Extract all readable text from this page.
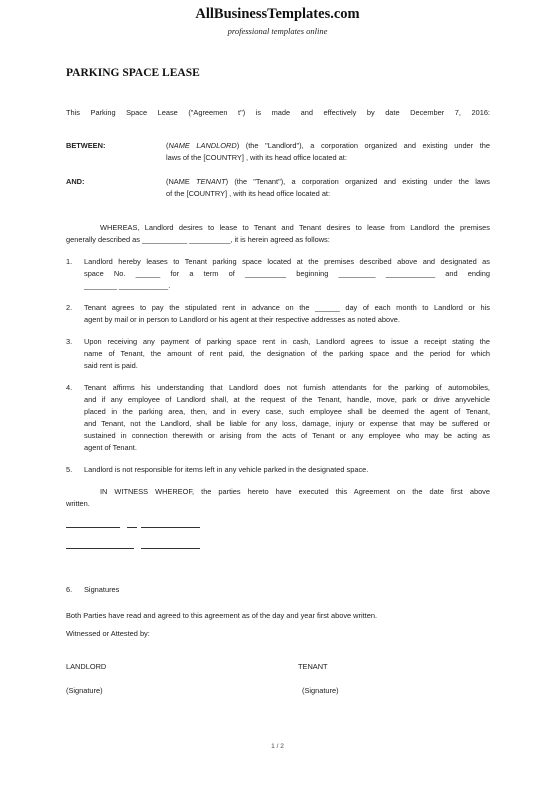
AllBusinessTemplates.com
professional templates online
PARKING SPACE LEASE
This Parking Space Lease ("Agreemen t") is made and effectively by date December 7, 2016:
BETWEEN:	(NAME LANDLORD) (the "Landlord"), a corporation organized and existing under the
laws of the [COUNTRY] , with its head office located at:
AND:	(NAME TENANT) (the "Tenant"), a corporation organized and existing under the laws
of the [COUNTRY] , with its head office located at:
WHEREAS, Landlord desires to lease to Tenant and Tenant desires to lease from Landlord the premises
generally described as ___________ __________, it is herein agreed as follows:
1. Landlord hereby leases to Tenant parking space located at the premises described above and designated as
space No. ______ for a term of __________ beginning _________ ____________ and ending
________ ____________.
2. Tenant agrees to pay the stipulated rent in advance on the ______ day of each month to Landlord or his
agent by mail or in person to Landlord or his agent at their respective addresses as noted above.
3. Upon receiving any payment of parking space rent in cash, Landlord agrees to issue a receipt stating the
name of Tenant, the amount of rent paid, the designation of the parking space and the period for which
said rent is paid.
4. Tenant affirms his understanding that Landlord does not furnish attendants for the parking of automobiles,
and if any employee of Landlord shall, at the request of the Tenant, handle, move, park or drive anyvehicle
placed in the parking area, then, and in every case, such employee shall be deemed the agent of Tenant,
and Tenant, not the Landlord, shall be liable for any loss, damage, injury or expense that may be suffered or
sustained in connection therewith or arising from the acts of Tenant or any employee who may be acting as
agent of Tenant.
5. Landlord is not responsible for items left in any vehicle parked in the designated space.
IN WITNESS WHEREOF, the parties hereto have executed this Agreement on the date first above
written.
6. Signatures
Both Parties have read and agreed to this agreement as of the day and year first above written.
Witnessed or Attested by:
LANDLORD	TENANT
(Signature)	(Signature)
1 / 2
